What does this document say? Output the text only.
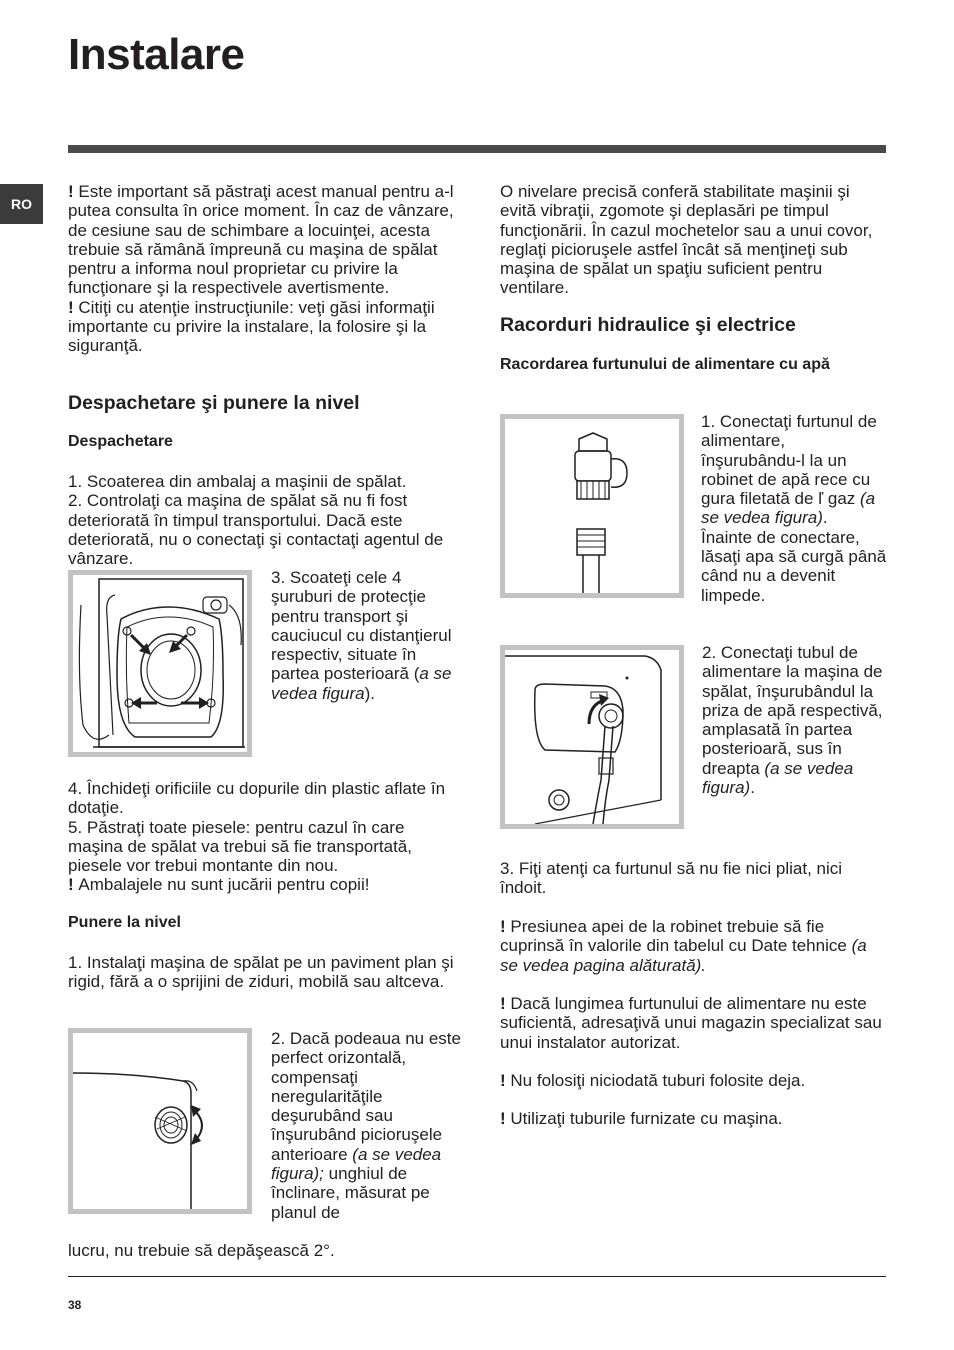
Instalare
RO

! Este important să păstraţi acest manual pentru a-l putea consulta în orice moment. În caz de vânzare, de cesiune sau de schimbare a locuinţei, acesta trebuie să rămână împreună cu maşina de spălat pentru a informa noul proprietar cu privire la funcţionare şi la respectivele avertismente.

! Citiţi cu atenţie instrucţiunile: veţi găsi informaţii importante cu privire la instalare, la folosire şi la siguranţă.

Despachetare şi punere la nivel
Despachetare

1. Scoaterea din ambalaj a maşinii de spălat.

2. Controlaţi ca maşina de spălat să nu fi fost deteriorată în timpul transportului. Dacă este deteriorată, nu o conectaţi şi contactaţi agentul de vânzare.

3. Scoateţi cele 4 şuruburi de protecţie pentru transport şi cauciucul cu distanţierul respectiv, situate în partea posterioară (a se vedea figura).

4. Închideţi orificiile cu dopurile din plastic aflate în dotaţie.

5. Păstraţi toate piesele: pentru cazul în care maşina de spălat va trebui să fie transportată, piesele vor trebui montante din nou.

! Ambalajele nu sunt jucării pentru copii!

Punere la nivel
1. Instalaţi maşina de spălat pe un paviment plan şi rigid, fără a o sprijini de ziduri, mobilă sau altceva.
2. Dacă podeaua nu este perfect orizontală, compensaţi neregularităţile deşurubând sau înşurubând picioruşele anterioare (a se vedea figura); unghiul de înclinare, măsurat pe planul de
lucru, nu trebuie să depăşească 2°.
O nivelare precisă conferă stabilitate maşinii şi evită vibraţii, zgomote şi deplasări pe timpul funcţionării. În cazul mochetelor sau a unui covor, reglaţi picioruşele astfel încât să menţineţi sub maşina de spălat un spaţiu suficient pentru ventilare.
Racorduri hidraulice şi electrice
Racordarea furtunului de alimentare cu apă
1. Conectaţi furtunul de alimentare, înşurubându-l la un robinet de apă rece cu gura filetată de ľ gaz (a se vedea figura).
Înainte de conectare, lăsaţi apa să curgă până când nu a devenit limpede.
2. Conectaţi tubul de alimentare la maşina de spălat, înşurubândul la priza de apă respectivă, amplasată în partea posterioară, sus în dreapta (a se vedea figura).
3. Fiţi atenţi ca furtunul să nu fie nici pliat, nici îndoit.
! Presiunea apei de la robinet trebuie să fie cuprinsă în valorile din tabelul cu Date tehnice (a se vedea pagina alăturată).
! Dacă lungimea furtunului de alimentare nu este suficientă, adresaţivă unui magazin specializat sau unui instalator autorizat.
! Nu folosiţi niciodată tuburi folosite deja.
! Utilizaţi tuburile furnizate cu maşina.
38
